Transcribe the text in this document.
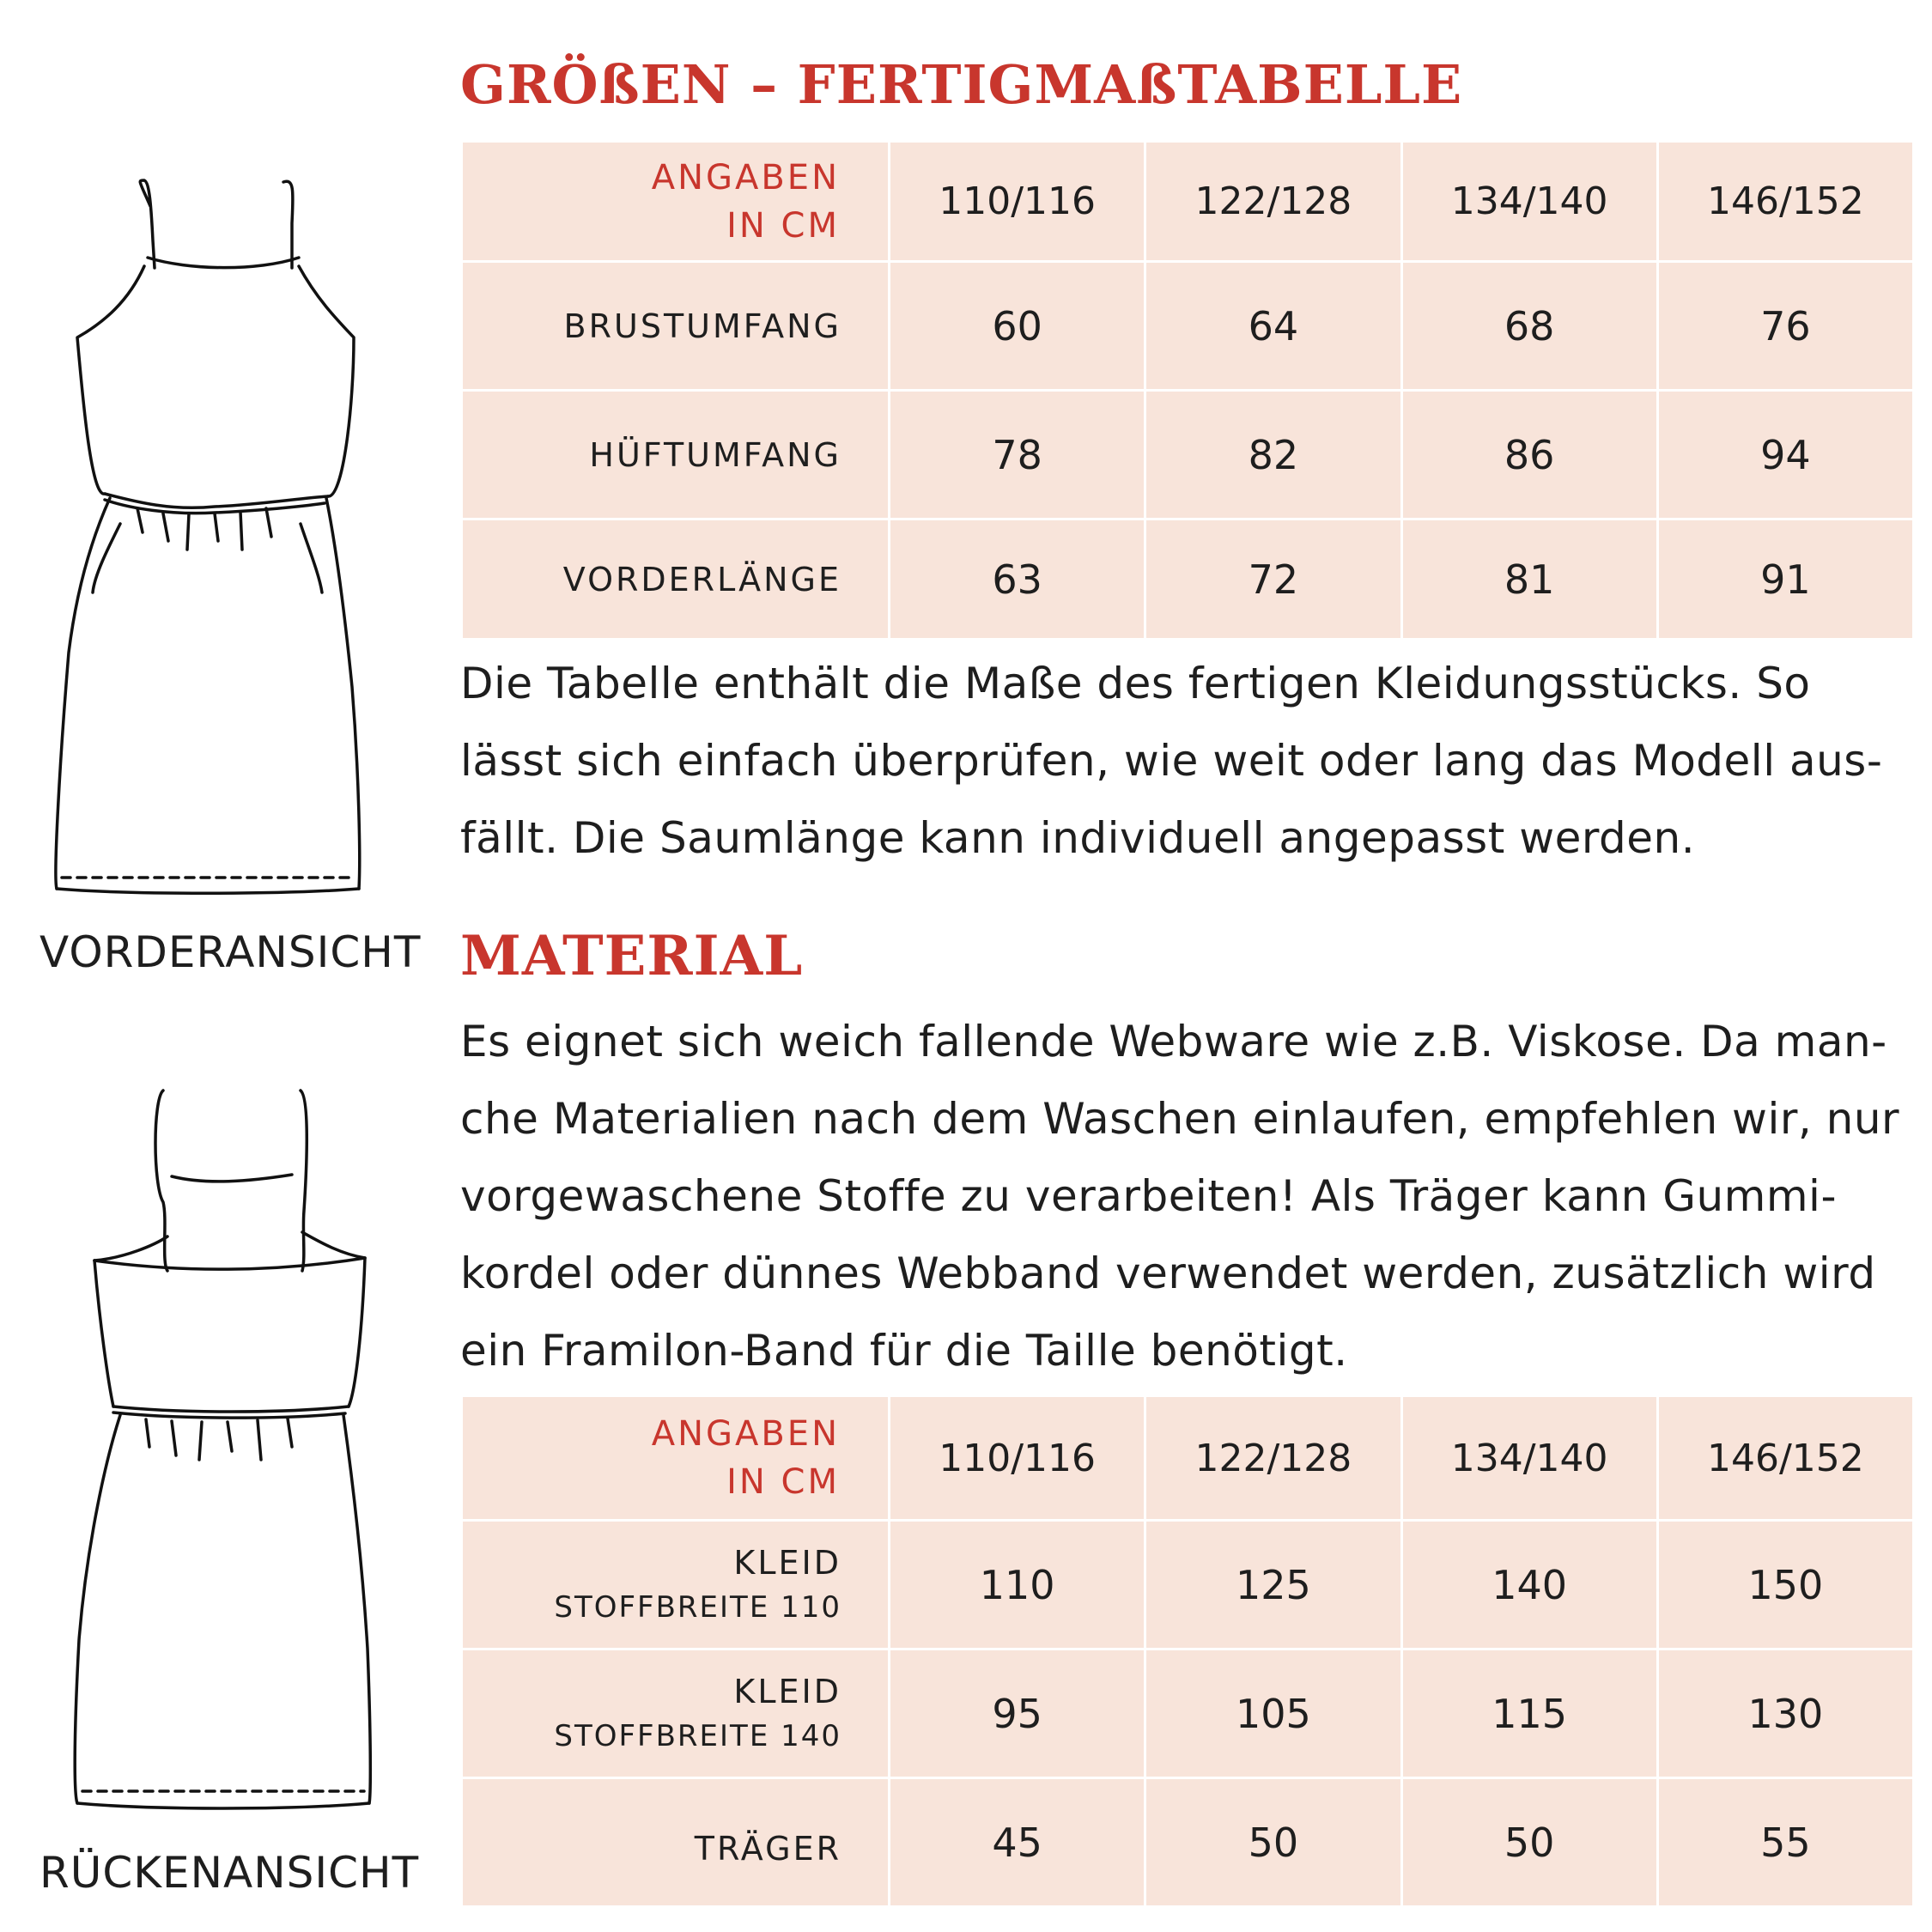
VORDERANSICHT
RÜCKENANSICHT
GRÖßEN – FERTIGMAßTABELLE
ANGABEN
IN CM	110/116	122/128	134/140	146/152
BRUSTUMFANG	60	64	68	76
HÜFTUMFANG	78	82	86	94
VORDERLÄNGE	63	72	81	91
Die Tabelle enthält die Maße des fertigen Kleidungsstücks. So lässt sich einfach überprüfen, wie weit oder lang das Modell aus-fällt. Die Saumlänge kann individuell angepasst werden.
MATERIAL
Es eignet sich weich fallende Webware wie z.B. Viskose. Da man-che Materialien nach dem Waschen einlaufen, empfehlen wir, nur vorgewaschene Stoffe zu verarbeiten! Als Träger kann Gummi-kordel oder dünnes Webband verwendet werden, zusätzlich wird ein Framilon-Band für die Taille benötigt.
ANGABEN
IN CM	110/116	122/128	134/140	146/152

KLEID
STOFFBREITE 110	110	125	140	150

KLEID
STOFFBREITE 140	95	105	115	130
TRÄGER	45	50	50	55
